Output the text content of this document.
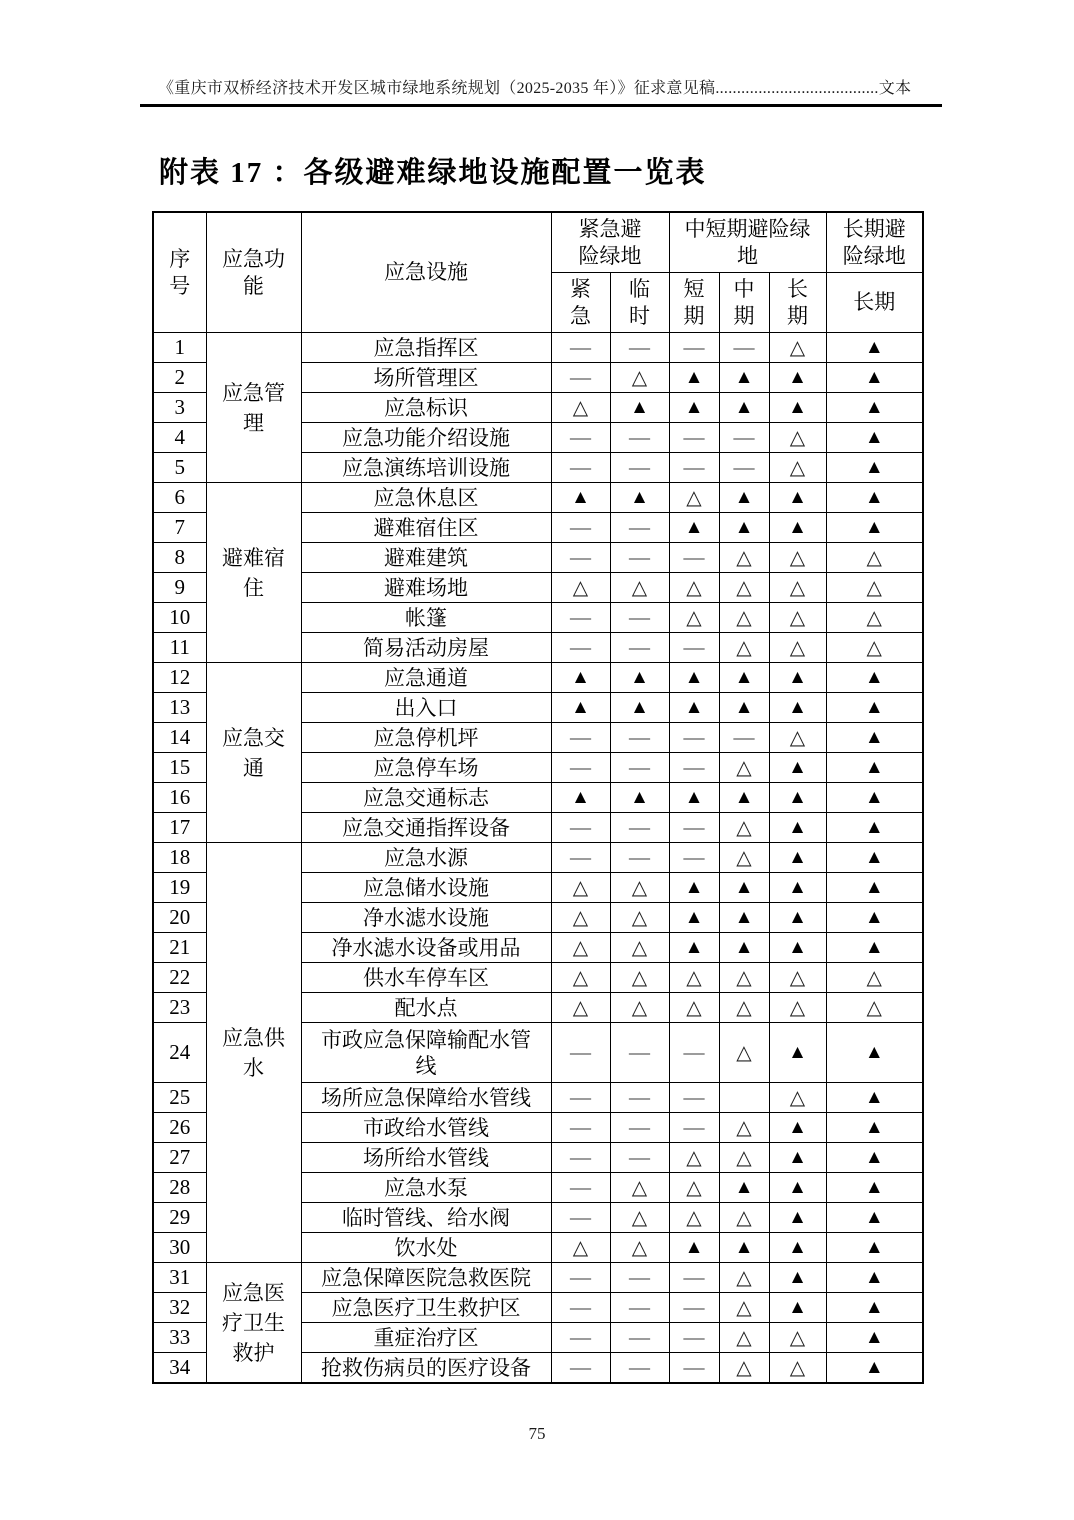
《重庆市双桥经济技术开发区城市绿地系统规划（2025-2035 年）》征求意见稿......................................文本
附表 17 ：各级避难绿地设施配置一览表
序号	应急功能	应急设施	紧急避险绿地		中短期避险绿地			长期避险绿地
			紧急	临时	短期	中期	长期	长期
1	应急管理	应急指挥区	—	—	—	—	△	▲
2		场所管理区	—	△	▲	▲	▲	▲
3		应急标识	△	▲	▲	▲	▲	▲
4		应急功能介绍设施	—	—	—	—	△	▲
5		应急演练培训设施	—	—	—	—	△	▲
6	避难宿住	应急休息区	▲	▲	△	▲	▲	▲
7		避难宿住区	—	—	▲	▲	▲	▲
8		避难建筑	—	—	—	△	△	△
9		避难场地	△	△	△	△	△	△
10		帐篷	—	—	△	△	△	△
11		简易活动房屋	—	—	—	△	△	△
12	应急交通	应急通道	▲	▲	▲	▲	▲	▲
13		出入口	▲	▲	▲	▲	▲	▲
14		应急停机坪	—	—	—	—	△	▲
15		应急停车场	—	—	—	△	▲	▲
16		应急交通标志	▲	▲	▲	▲	▲	▲
17		应急交通指挥设备	—	—	—	△	▲	▲
18	应急供水	应急水源	—	—	—	△	▲	▲
19		应急储水设施	△	△	▲	▲	▲	▲
20		净水滤水设施	△	△	▲	▲	▲	▲
21		净水滤水设备或用品	△	△	▲	▲	▲	▲
22		供水车停车区	△	△	△	△	△	△
23		配水点	△	△	△	△	△	△
24		市政应急保障输配水管线	—	—	—	△	▲	▲
25		场所应急保障给水管线	—	—	—		△	▲
26		市政给水管线	—	—	—	△	▲	▲
27		场所给水管线	—	—	△	△	▲	▲
28		应急水泵	—	△	△	▲	▲	▲
29		临时管线、给水阀	—	△	△	△	▲	▲
30		饮水处	△	△	▲	▲	▲	▲
31	应急医疗卫生救护	应急保障医院急救医院	—	—	—	△	▲	▲
32		应急医疗卫生救护区	—	—	—	△	▲	▲
33		重症治疗区	—	—	—	△	△	▲
34		抢救伤病员的医疗设备	—	—	—	△	△	▲
75
